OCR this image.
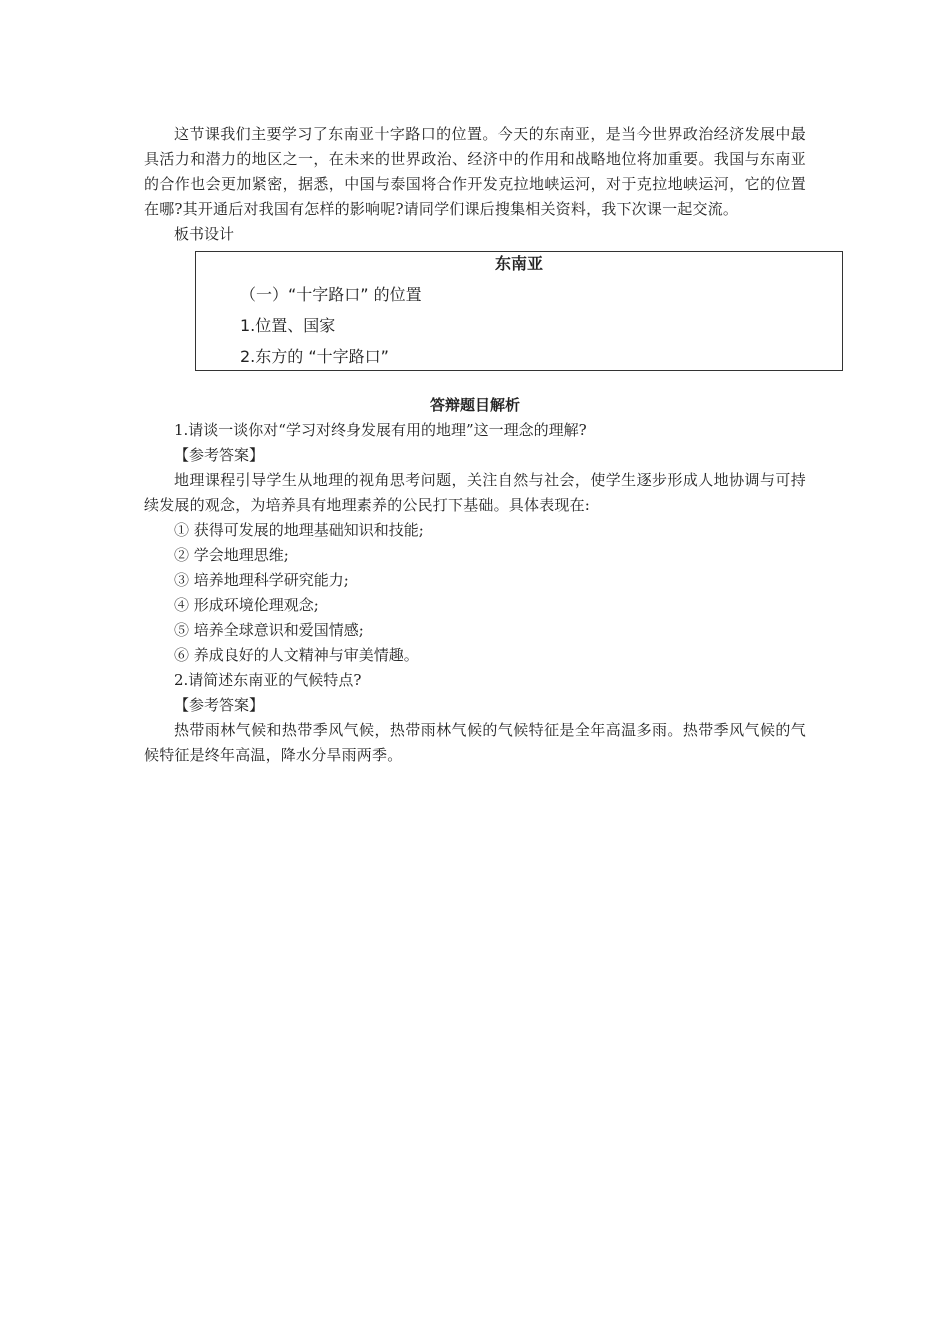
这节课我们主要学习了东南亚十字路口的位置。今天的东南亚，是当今世界政治经济发展中最具活力和潜力的地区之一，在未来的世界政治、经济中的作用和战略地位将加重要。我国与东南亚的合作也会更加紧密，据悉，中国与泰国将合作开发克拉地峡运河，对于克拉地峡运河，它的位置在哪?其开通后对我国有怎样的影响呢?请同学们课后搜集相关资料，我下次课一起交流。

板书设计

东南亚
（一）“十字路口” 的位置
1.位置、国家
2.东方的 “十字路口”
答辩题目解析

1.请谈一谈你对“学习对终身发展有用的地理”这一理念的理解?

【参考答案】

地理课程引导学生从地理的视角思考问题，关注自然与社会，使学生逐步形成人地协调与可持续发展的观念，为培养具有地理素养的公民打下基础。具体表现在:

① 获得可发展的地理基础知识和技能;

② 学会地理思维;

③ 培养地理科学研究能力;

④ 形成环境伦理观念;

⑤ 培养全球意识和爱国情感;

⑥ 养成良好的人文精神与审美情趣。

2.请简述东南亚的气候特点?

【参考答案】

热带雨林气候和热带季风气候，热带雨林气候的气候特征是全年高温多雨。热带季风气候的气候特征是终年高温，降水分旱雨两季。
